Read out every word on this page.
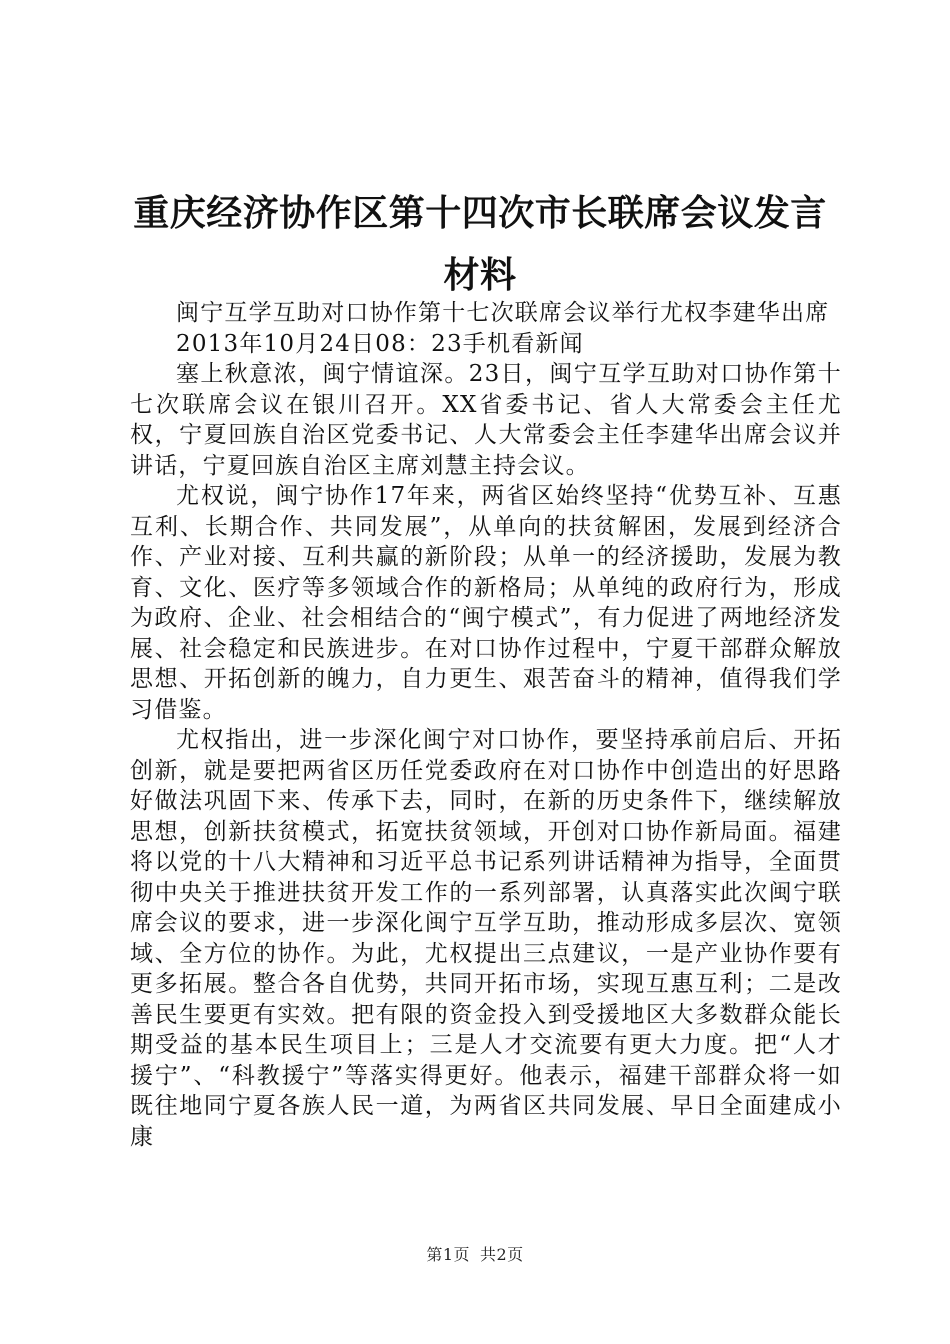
重庆经济协作区第十四次市长联席会议发言材料

闽宁互学互助对口协作第十七次联席会议举行尤权李建华出席

2013年10月24日08：23手机看新闻

塞上秋意浓，闽宁情谊深。23日，闽宁互学互助对口协作第十七次联席会议在银川召开。XX省委书记、省人大常委会主任尤权，宁夏回族自治区党委书记、人大常委会主任李建华出席会议并讲话，宁夏回族自治区主席刘慧主持会议。

尤权说，闽宁协作17年来，两省区始终坚持“优势互补、互惠互利、长期合作、共同发展”，从单向的扶贫解困，发展到经济合作、产业对接、互利共赢的新阶段；从单一的经济援助，发展为教育、文化、医疗等多领域合作的新格局；从单纯的政府行为，形成为政府、企业、社会相结合的“闽宁模式”，有力促进了两地经济发展、社会稳定和民族进步。在对口协作过程中，宁夏干部群众解放思想、开拓创新的魄力，自力更生、艰苦奋斗的精神，值得我们学习借鉴。

尤权指出，进一步深化闽宁对口协作，要坚持承前启后、开拓创新，就是要把两省区历任党委政府在对口协作中创造出的好思路好做法巩固下来、传承下去，同时，在新的历史条件下，继续解放思想，创新扶贫模式，拓宽扶贫领域，开创对口协作新局面。福建将以党的十八大精神和习近平总书记系列讲话精神为指导，全面贯彻中央关于推进扶贫开发工作的一系列部署，认真落实此次闽宁联席会议的要求，进一步深化闽宁互学互助，推动形成多层次、宽领域、全方位的协作。为此，尤权提出三点建议，一是产业协作要有更多拓展。整合各自优势，共同开拓市场，实现互惠互利；二是改善民生要更有实效。把有限的资金投入到受援地区大多数群众能长期受益的基本民生项目上；三是人才交流要有更大力度。把“人才援宁”、“科教援宁”等落实得更好。他表示，福建干部群众将一如既往地同宁夏各族人民一道，为两省区共同发展、早日全面建成小康

第1页 共2页
